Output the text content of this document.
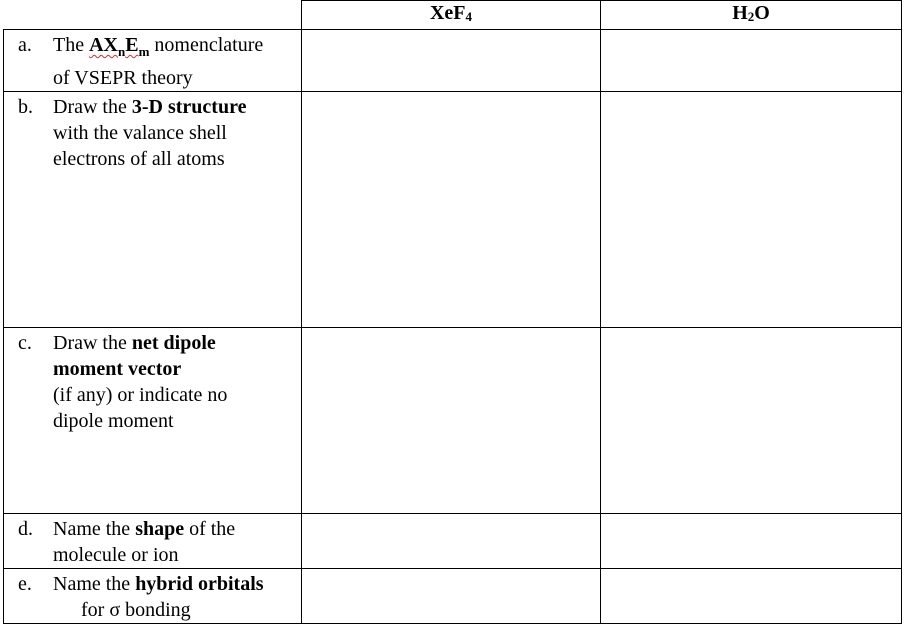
	XeF$_4$	$H_2O$

a. The $AX_nE_m$ nomenclature
of VSEPR theory		

b. Draw the 3-D structure
with the valance shell
electrons of all atoms		

c. Draw the net dipole
moment vector
(if any) or indicate no
dipole moment		

d. Name the shape of the
molecule or ion		

e. Name the hybrid orbitals
for σ bonding		
